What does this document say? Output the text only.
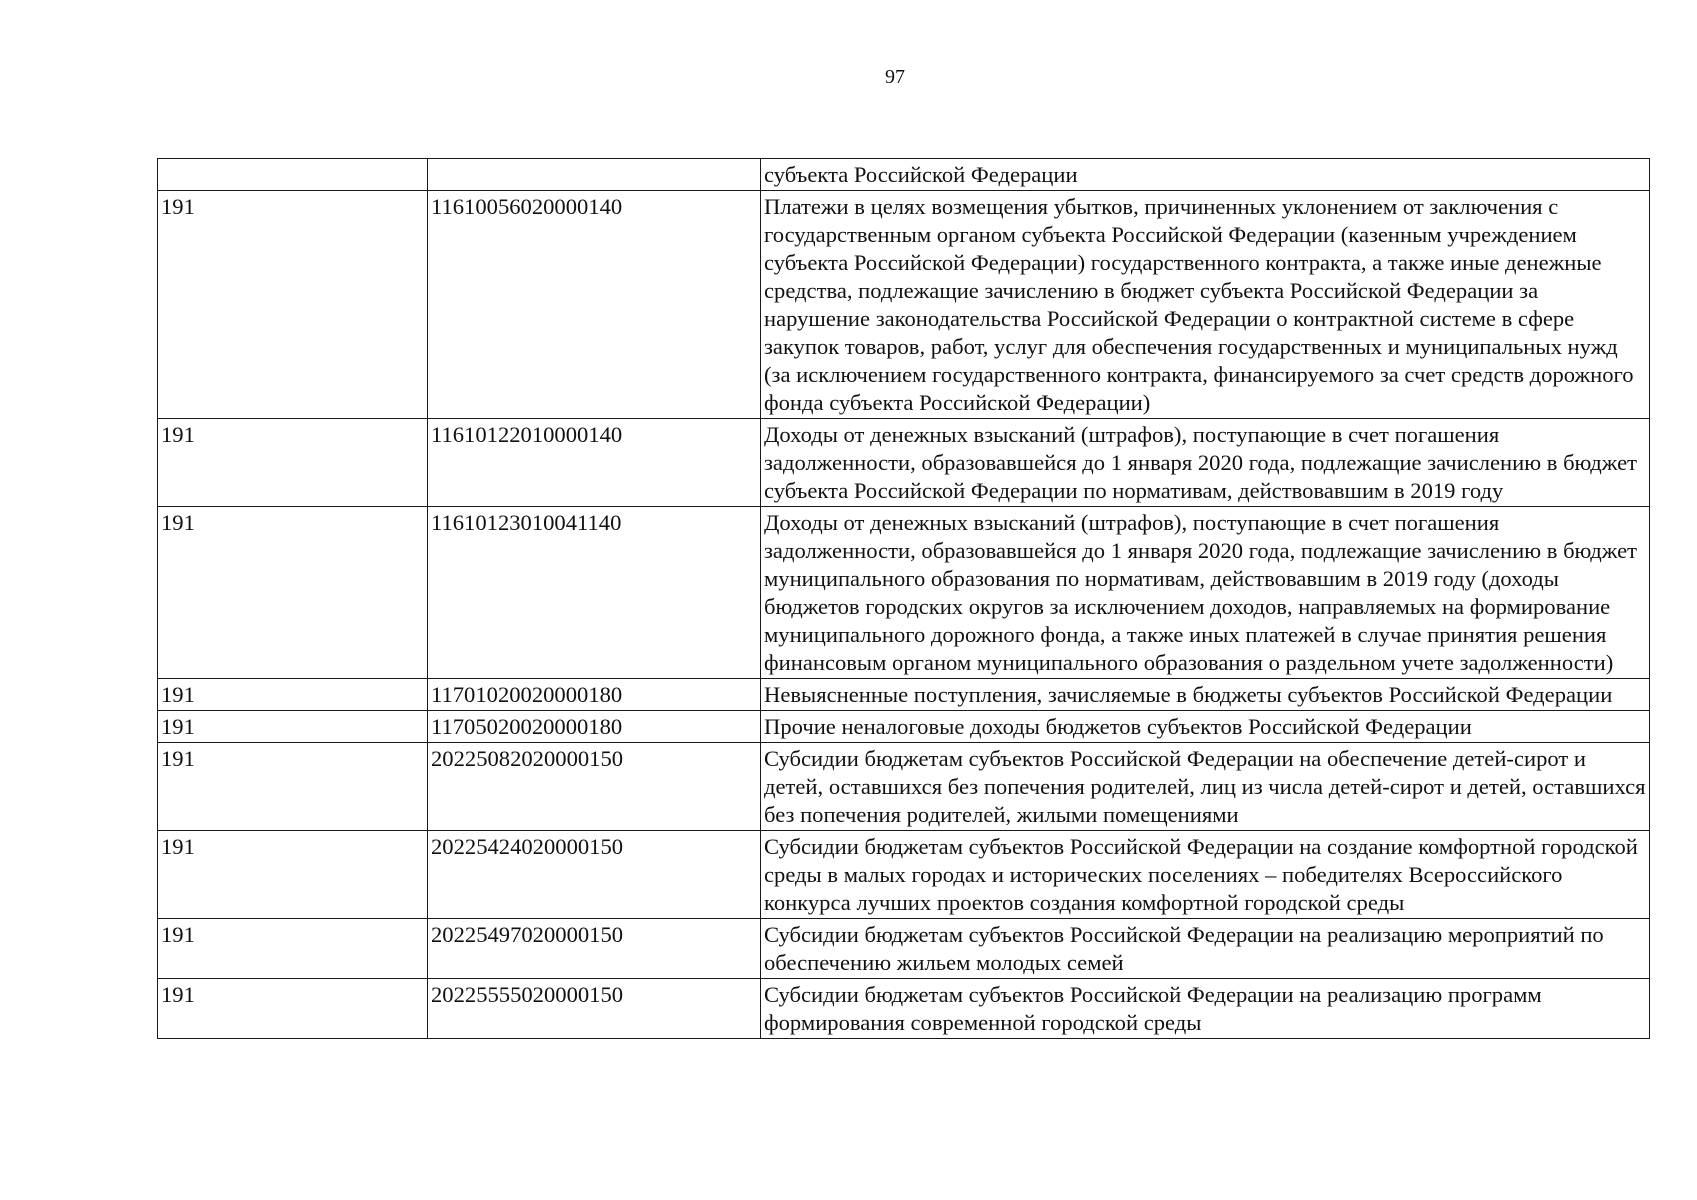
97
		субъекта Российской Федерации
191	11610056020000140	Платежи в целях возмещения убытков, причиненных уклонением от заключения с государственным органом субъекта Российской Федерации (казенным учреждением субъекта Российской Федерации) государственного контракта, а также иные денежные средства, подлежащие зачислению в бюджет субъекта Российской Федерации за нарушение законодательства Российской Федерации о контрактной системе в сфере закупок товаров, работ, услуг для обеспечения государственных и муниципальных нужд (за исключением государственного контракта, финансируемого за счет средств дорожного фонда субъекта Российской Федерации)
191	11610122010000140	Доходы от денежных взысканий (штрафов), поступающие в счет погашения задолженности, образовавшейся до 1 января 2020 года, подлежащие зачислению в бюджет субъекта Российской Федерации по нормативам, действовавшим в 2019 году
191	11610123010041140	Доходы от денежных взысканий (штрафов), поступающие в счет погашения задолженности, образовавшейся до 1 января 2020 года, подлежащие зачислению в бюджет муниципального образования по нормативам, действовавшим в 2019 году (доходы бюджетов городских округов за исключением доходов, направляемых на формирование муниципального дорожного фонда, а также иных платежей в случае принятия решения финансовым органом муниципального образования о раздельном учете задолженности)
191	11701020020000180	Невыясненные поступления, зачисляемые в бюджеты субъектов Российской Федерации
191	11705020020000180	Прочие неналоговые доходы бюджетов субъектов Российской Федерации
191	20225082020000150	Субсидии бюджетам субъектов Российской Федерации на обеспечение детей-сирот и детей, оставшихся без попечения родителей, лиц из числа детей-сирот и детей, оставшихся без попечения родителей, жилыми помещениями
191	20225424020000150	Субсидии бюджетам субъектов Российской Федерации на создание комфортной городской среды в малых городах и исторических поселениях – победителях Всероссийского конкурса лучших проектов создания комфортной городской среды
191	20225497020000150	Субсидии бюджетам субъектов Российской Федерации на реализацию мероприятий по обеспечению жильем молодых семей
191	20225555020000150	Субсидии бюджетам субъектов Российской Федерации на реализацию программ формирования современной городской среды
